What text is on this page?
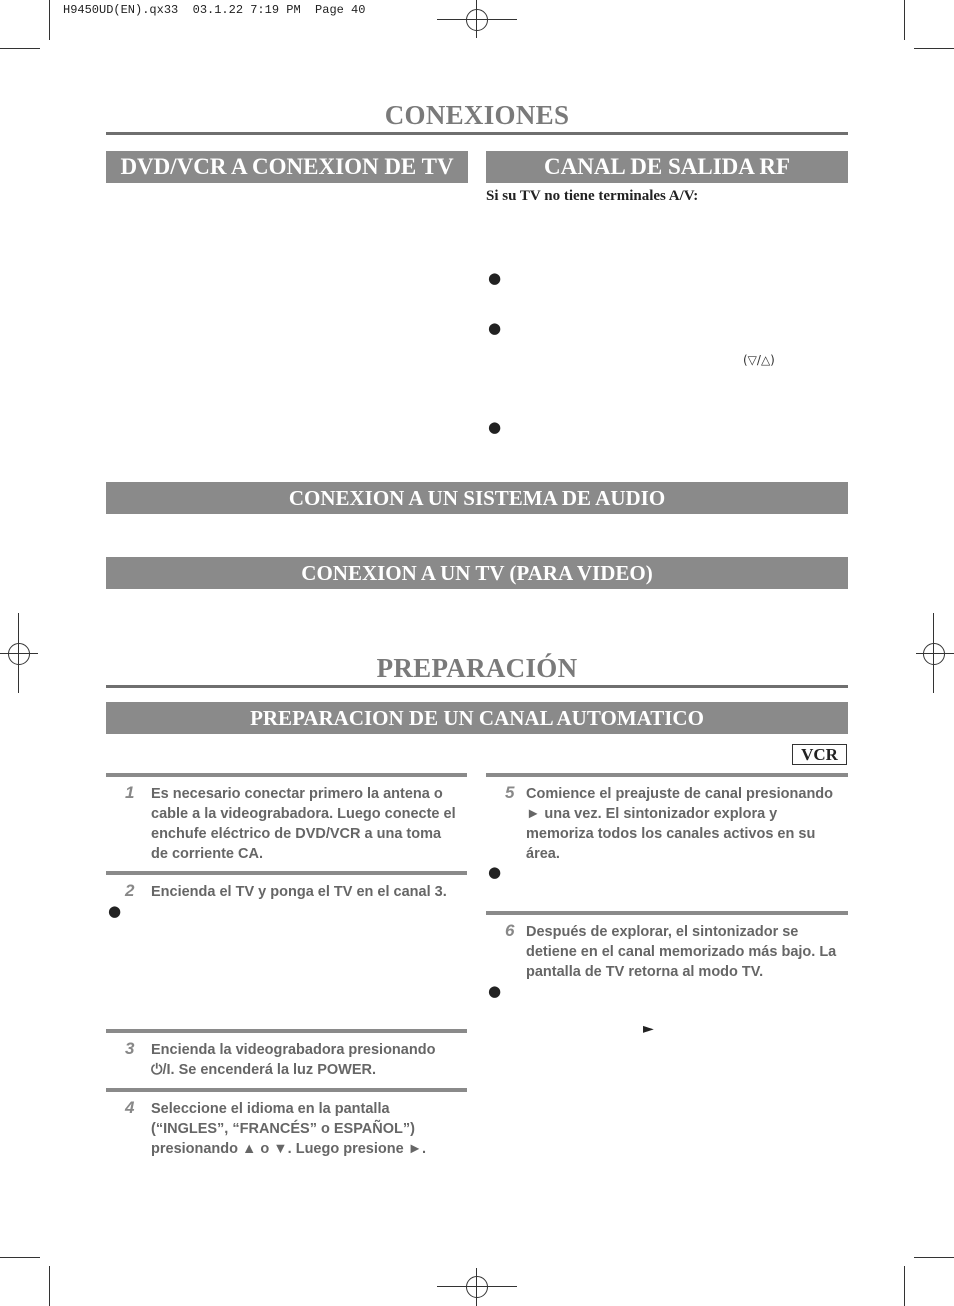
H9450UD(EN).qx33  03.1.22 7:19 PM  Page 40
CONEXIONES
DVD/VCR A CONEXION DE TV	CANAL DE SALIDA RF
Si su TV no tiene terminales A/V:
●
●
(▽/△)
●
CONEXION A UN SISTEMA DE AUDIO
CONEXION A UN TV (PARA VIDEO)
PREPARACIÓN
PREPARACION DE UN CANAL AUTOMATICO
VCR
1 Es necesario conectar primero la antena o
cable a la videograbadora. Luego conecte el
enchufe eléctrico de DVD/VCR a una toma
de corriente CA.
2 Encienda el TV y ponga el TV en el canal 3.
●
3 Encienda la videograbadora presionando
⏻/I. Se encenderá la luz POWER.
4 Seleccione el idioma en la pantalla
(“INGLES”, “FRANCÉS” o ESPAÑOL”)
presionando ▲ o ▼. Luego presione ►.
5 Comience el preajuste de canal presionando
► una vez. El sintonizador explora y
memoriza todos los canales activos en su
área.
●
6 Después de explorar, el sintonizador se
detiene en el canal memorizado más bajo. La
pantalla de TV retorna al modo TV.
●
►
